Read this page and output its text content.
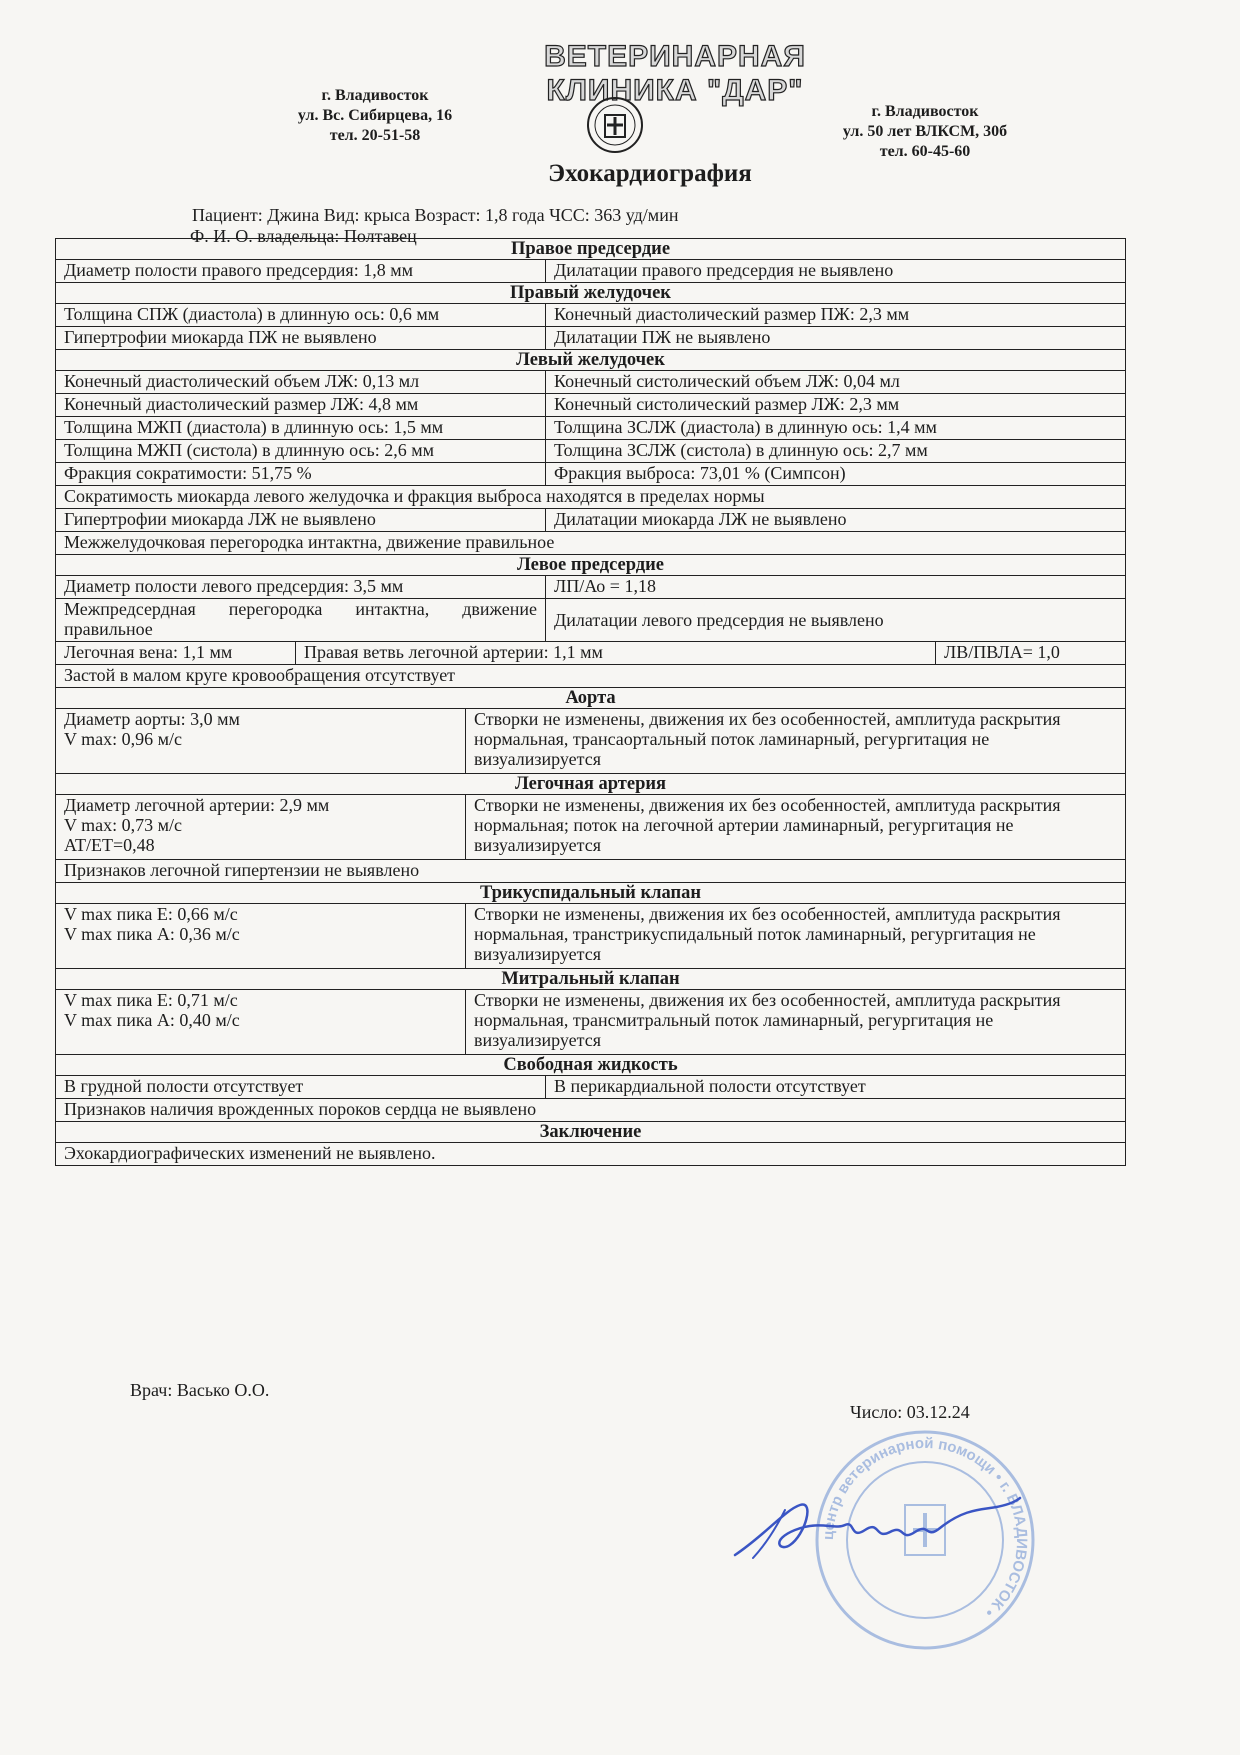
ВЕТЕРИНАРНАЯ КЛИНИКА "ДАР"
г. Владивосток
ул. Вс. Сибирцева, 16
тел. 20-51-58
г. Владивосток
ул. 50 лет ВЛКСМ, 30б
тел. 60-45-60
Эхокардиография
Пациент: Джина Вид: крыса Возраст: 1,8 года ЧСС: 363 уд/мин
Ф. И. О. владельца: Полтавец
Правое предсердие				
Диаметр полости правого предсердия: 1,8 мм			Дилатации правого предсердия не выявлено	
Правый желудочек				
Толщина СПЖ (диастола) в длинную ось: 0,6 мм			Конечный диастолический размер ПЖ: 2,3 мм	
Гипертрофии миокарда ПЖ не выявлено			Дилатации ПЖ не выявлено	
Левый желудочек				
Конечный диастолический объем ЛЖ: 0,13 мл			Конечный систолический объем ЛЖ: 0,04 мл	
Конечный диастолический размер ЛЖ: 4,8 мм			Конечный систолический размер ЛЖ: 2,3 мм	
Толщина МЖП (диастола) в длинную ось: 1,5 мм			Толщина ЗСЛЖ (диастола) в длинную ось: 1,4 мм	
Толщина МЖП (систола) в длинную ось: 2,6 мм			Толщина ЗСЛЖ (систола) в длинную ось: 2,7 мм	
Фракция сократимости: 51,75 %			Фракция выброса: 73,01 % (Симпсон)	
Сократимость миокарда левого желудочка и фракция выброса находятся в пределах нормы				
Гипертрофии миокарда ЛЖ не выявлено			Дилатации миокарда ЛЖ не выявлено	
Межжелудочковая перегородка интактна, движение правильное				
Левое предсердие				
Диаметр полости левого предсердия: 3,5 мм			ЛП/Ао = 1,18	
Межпредсердная перегородка интактна, движение правильное			Дилатации левого предсердия не выявлено	
Легочная вена: 1,1 мм	Правая ветвь легочной артерии: 1,1 мм			ЛВ/ПВЛА= 1,0
Застой в малом круге кровообращения отсутствует				
Аорта				

Диаметр аорты: 3,0 мм
V max: 0,96 м/с		Створки не изменены, движения их без особенностей, амплитуда раскрытия нормальная, трансаортальный поток ламинарный, регургитация не визуализируется		
Легочная артерия				

Диаметр легочной артерии: 2,9 мм
V max: 0,73 м/с
AT/ET=0,48		Створки не изменены, движения их без особенностей, амплитуда раскрытия нормальная; поток на легочной артерии ламинарный, регургитация не визуализируется		
Признаков легочной гипертензии не выявлено				
Трикуспидальный клапан				

V max пика E: 0,66 м/с
V max пика A: 0,36 м/с		Створки не изменены, движения их без особенностей, амплитуда раскрытия нормальная, транстрикуспидальный поток ламинарный, регургитация не визуализируется		
Митральный клапан				

V max пика E: 0,71 м/с
V max пика A: 0,40 м/с		Створки не изменены, движения их без особенностей, амплитуда раскрытия нормальная, трансмитральный поток ламинарный, регургитация не визуализируется		
Свободная жидкость				
В грудной полости отсутствует			В перикардиальной полости отсутствует	
Признаков наличия врожденных пороков сердца не выявлено				
Заключение				
Эхокардиографических изменений не выявлено.				
Врач: Васько О.О.
Число: 03.12.24
центр ветеринарной помощи • г. ВЛАДИВОСТОК •
